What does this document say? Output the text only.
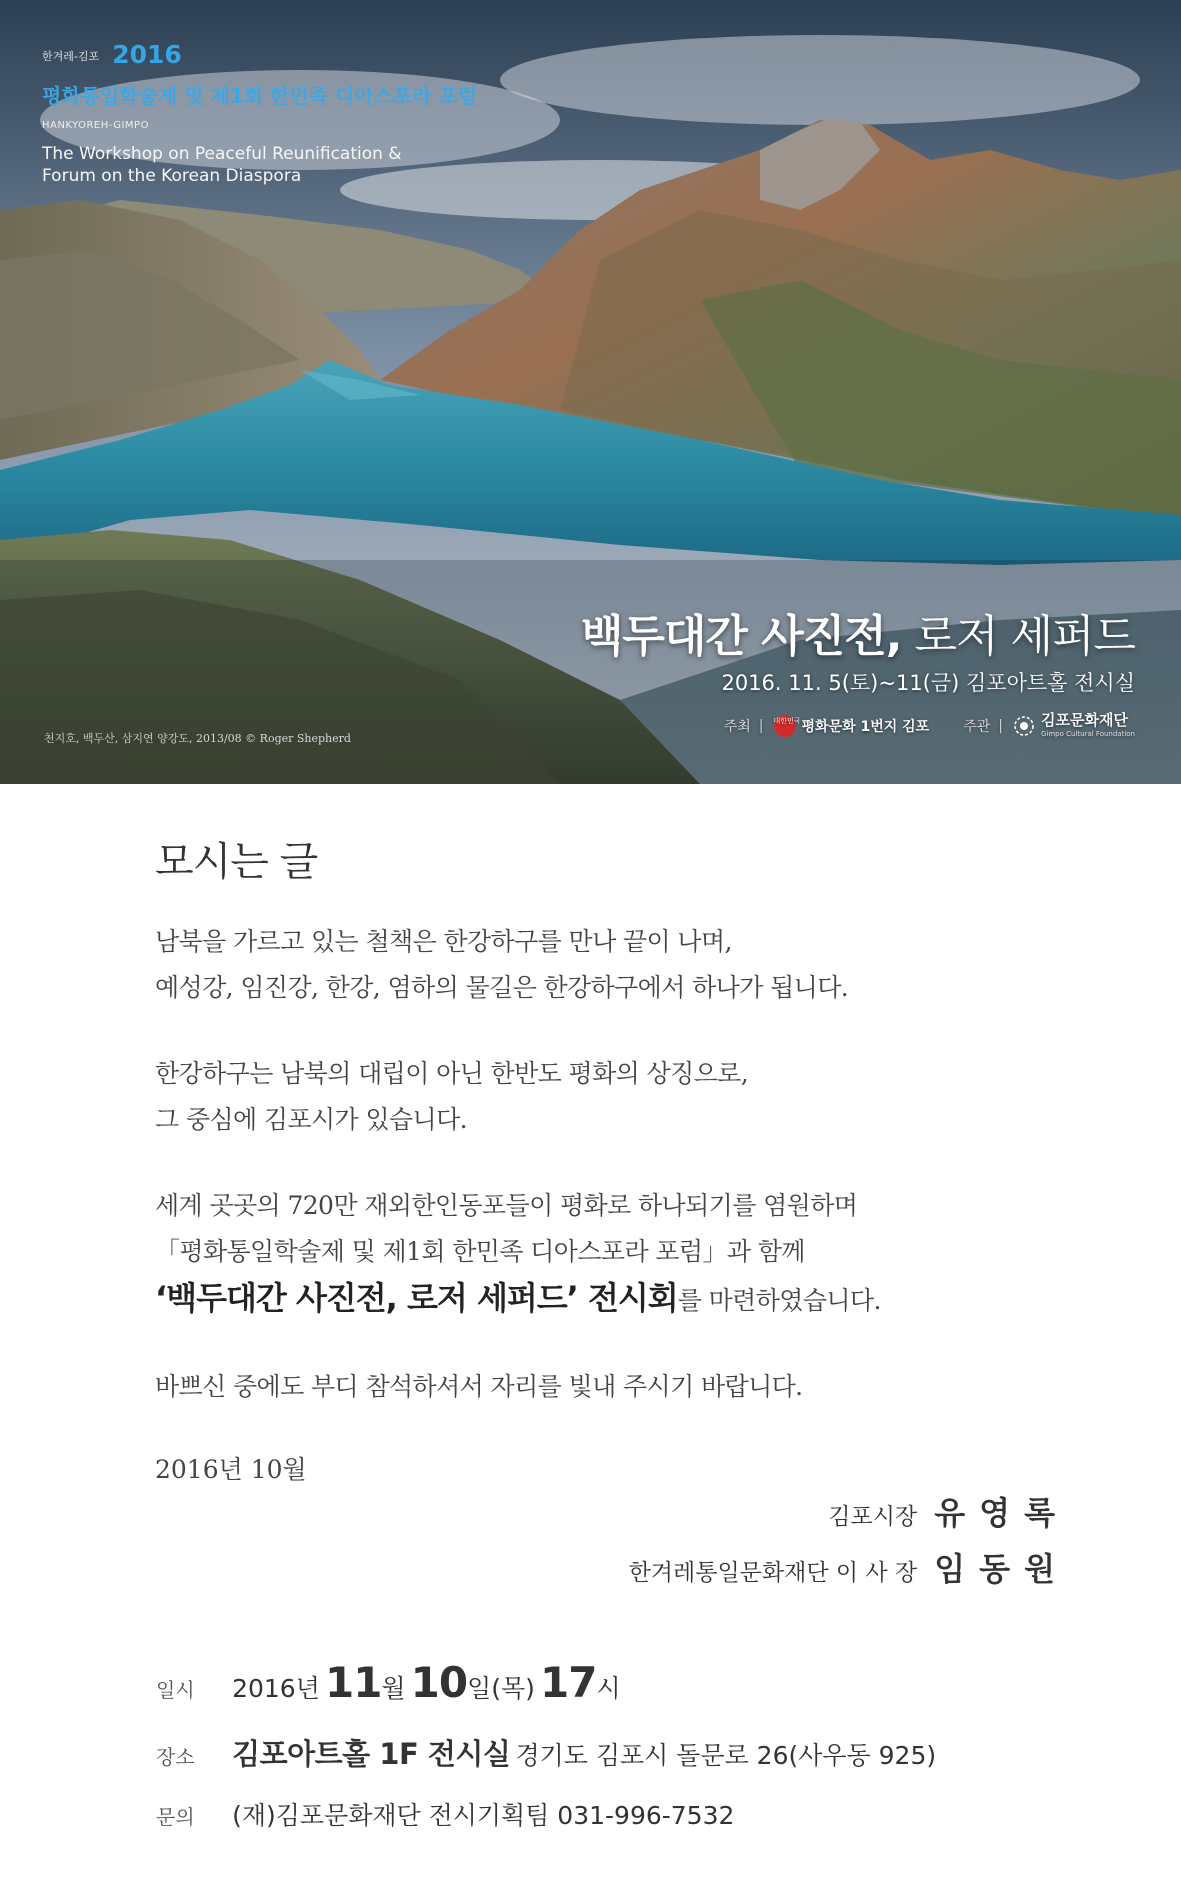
한겨레-김포 2016
평화통일학술제 및 제1회 한민족 디아스포라 포럼
HANKYOREH-GIMPO
The Workshop on Peaceful Reunification &
Forum on the Korean Diaspora
백두대간 사진전, 로저 세퍼드
2016. 11. 5(토)~11(금) 김포아트홀 전시실
주최 | 대한민국 평화문화 1번지 김포 주관 |	김포문화재단
Gimpo Cultural Foundation
천지호, 백두산, 삼지연 양강도, 2013/08 © Roger Shepherd
모시는 글
남북을 가르고 있는 철책은 한강하구를 만나 끝이 나며,
예성강, 임진강, 한강, 염하의 물길은 한강하구에서 하나가 됩니다.
한강하구는 남북의 대립이 아닌 한반도 평화의 상징으로,
그 중심에 김포시가 있습니다.
세계 곳곳의 720만 재외한인동포들이 평화로 하나되기를 염원하며
「평화통일학술제 및 제1회 한민족 디아스포라 포럼」과 함께
‘백두대간 사진전, 로저 세퍼드’ 전시회를 마련하였습니다.
바쁘신 중에도 부디 참석하셔서 자리를 빛내 주시기 바랍니다.
2016년 10월
김포시장 유영록
한겨레통일문화재단 이 사 장 임동원
일시 2016년 11월 10일(목) 17시
장소 김포아트홀 1F 전시실 경기도 김포시 돌문로 26(사우동 925)
문의 (재)김포문화재단 전시기획팀 031-996-7532
